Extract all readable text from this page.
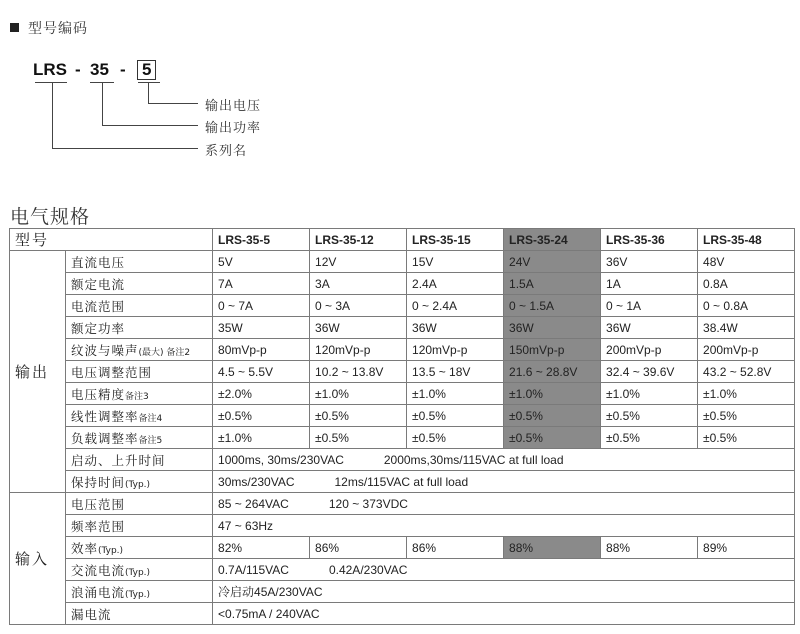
型号编码
LRS - 35 - 5
输出电压
输出功率
系列名
电气规格
型号		LRS-35-5	LRS-35-12	LRS-35-15	LRS-35-24	LRS-35-36	LRS-35-48
输出	直流电压	5V	12V	15V	24V	36V	48V
	额定电流	7A	3A	2.4A	1.5A	1A	0.8A
	电流范围	0 ~ 7A	0 ~ 3A	0 ~ 2.4A	0 ~ 1.5A	0 ~ 1A	0 ~ 0.8A
	额定功率	35W	36W	36W	36W	36W	38.4W
	纹波与噪声(最大) 备注2	80mVp-p	120mVp-p	120mVp-p	150mVp-p	200mVp-p	200mVp-p
	电压调整范围	4.5 ~ 5.5V	10.2 ~ 13.8V	13.5 ~ 18V	21.6 ~ 28.8V	32.4 ~ 39.6V	43.2 ~ 52.8V
	电压精度备注3	±2.0%	±1.0%	±1.0%	±1.0%	±1.0%	±1.0%
	线性调整率备注4	±0.5%	±0.5%	±0.5%	±0.5%	±0.5%	±0.5%
	负载调整率备注5	±1.0%	±0.5%	±0.5%	±0.5%	±0.5%	±0.5%
	启动、上升时间	1000ms, 30ms/230VAC 2000ms,30ms/115VAC at full load					
	保持时间(Typ.)	30ms/230VAC 12ms/115VAC at full load					
输入	电压范围	85 ~ 264VAC 120 ~ 373VDC					
	频率范围	47 ~ 63Hz					
	效率(Typ.)	82%	86%	86%	88%	88%	89%
	交流电流(Typ.)	0.7A/115VAC 0.42A/230VAC					
	浪涌电流(Typ.)	冷启动45A/230VAC					
	漏电流	<0.75mA / 240VAC					
